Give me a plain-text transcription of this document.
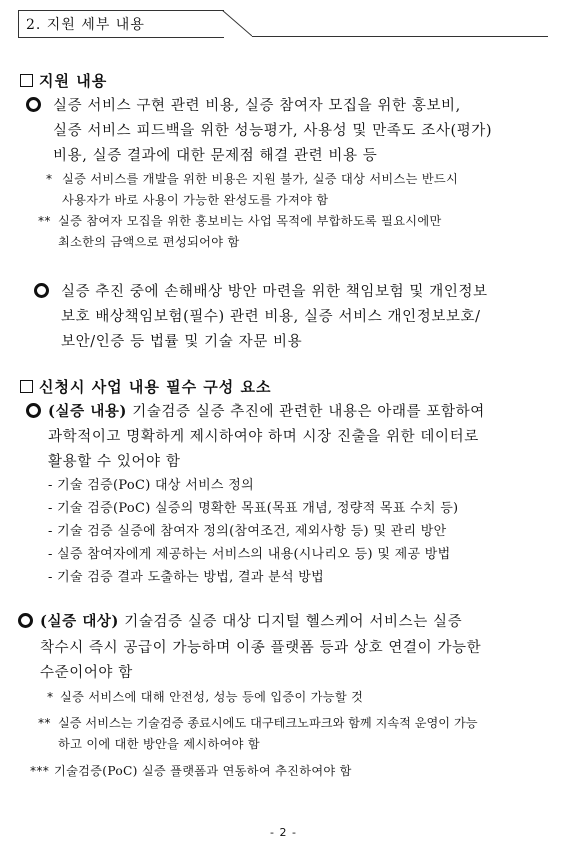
2. 지원 세부 내용
지원 내용
실증 서비스 구현 관련 비용, 실증 참여자 모집을 위한 홍보비,
실증 서비스 피드백을 위한 성능평가, 사용성 및 만족도 조사(평가)
비용, 실증 결과에 대한 문제점 해결 관련 비용 등
* 실증 서비스를 개발을 위한 비용은 지원 불가, 실증 대상 서비스는 반드시
사용자가 바로 사용이 가능한 완성도를 가져야 함
** 실증 참여자 모집을 위한 홍보비는 사업 목적에 부합하도록 필요시에만
최소한의 금액으로 편성되어야 함
실증 추진 중에 손해배상 방안 마련을 위한 책임보험 및 개인정보
보호 배상책임보험(필수) 관련 비용, 실증 서비스 개인정보보호/
보안/인증 등 법률 및 기술 자문 비용
신청시 사업 내용 필수 구성 요소
(실증 내용) 기술검증 실증 추진에 관련한 내용은 아래를 포함하여
과학적이고 명확하게 제시하여야 하며 시장 진출을 위한 데이터로
활용할 수 있어야 함
- 기술 검증(PoC) 대상 서비스 정의
- 기술 검증(PoC) 실증의 명확한 목표(목표 개념, 정량적 목표 수치 등)
- 기술 검증 실증에 참여자 정의(참여조건, 제외사항 등) 및 관리 방안
- 실증 참여자에게 제공하는 서비스의 내용(시나리오 등) 및 제공 방법
- 기술 검증 결과 도출하는 방법, 결과 분석 방법
(실증 대상) 기술검증 실증 대상 디지털 헬스케어 서비스는 실증
착수시 즉시 공급이 가능하며 이종 플랫폼 등과 상호 연결이 가능한
수준이어야 함
* 실증 서비스에 대해 안전성, 성능 등에 입증이 가능할 것
** 실증 서비스는 기술검증 종료시에도 대구테크노파크와 함께 지속적 운영이 가능
하고 이에 대한 방안을 제시하여야 함
*** 기술검증(PoC) 실증 플랫폼과 연동하여 추진하여야 함
- 2 -
